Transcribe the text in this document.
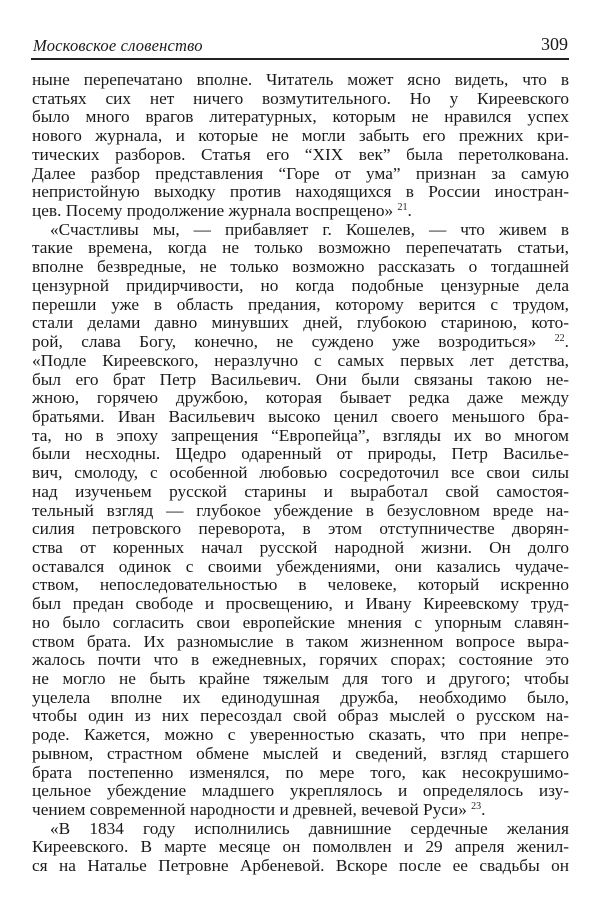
Московское словенство	309
ныне перепечатано вполне. Читатель может ясно видеть, что в
статьях сих нет ничего возмутительного. Но у Киреевского
было много врагов литературных, которым не нравился успех
нового журнала, и которые не могли забыть его прежних кри-
тических разборов. Статья его “XIX век” была перетолкована.
Далее разбор представления “Горе от ума” признан за самую
непристойную выходку против находящихся в России иностран-
цев. Посему продолжение журнала воспрещено» $^{21}$.
«Счастливы мы, — прибавляет г. Кошелев, — что живем в
такие времена, когда не только возможно перепечатать статьи,
вполне безвредные, не только возможно рассказать о тогдашней
цензурной придирчивости, но когда подобные цензурные дела
перешли уже в область предания, которому верится с трудом,
стали делами давно минувших дней, глубокою стариною, кото-
рой, слава Богу, конечно, не суждено уже возродиться» $^{22}$.
«Подле Киреевского, неразлучно с самых первых лет детства,
был его брат Петр Васильевич. Они были связаны такою не-
жною, горячею дружбою, которая бывает редка даже между
братьями. Иван Васильевич высоко ценил своего меньшого бра-
та, но в эпоху запрещения “Европейца”, взгляды их во многом
были несходны. Щедро одаренный от природы, Петр Василье-
вич, смолоду, с особенной любовью сосредоточил все свои силы
над изученьем русской старины и выработал свой самостоя-
тельный взгляд — глубокое убеждение в безусловном вреде на-
силия петровского переворота, в этом отступничестве дворян-
ства от коренных начал русской народной жизни. Он долго
оставался одинок с своими убеждениями, они казались чудаче-
ством, непоследовательностью в человеке, который искренно
был предан свободе и просвещению, и Ивану Киреевскому труд-
но было согласить свои европейские мнения с упорным славян-
ством брата. Их разномыслие в таком жизненном вопросе выра-
жалось почти что в ежедневных, горячих спорах; состояние это
не могло не быть крайне тяжелым для того и другого; чтобы
уцелела вполне их единодушная дружба, необходимо было,
чтобы один из них пересоздал свой образ мыслей о русском на-
роде. Кажется, можно с уверенностью сказать, что при непре-
рывном, страстном обмене мыслей и сведений, взгляд старшего
брата постепенно изменялся, по мере того, как несокрушимо-
цельное убеждение младшего укреплялось и определялось изу-
чением современной народности и древней, вечевой Руси» $^{23}$.
«В 1834 году исполнились давнишние сердечные желания
Киреевского. В марте месяце он помолвлен и 29 апреля женил-
ся на Наталье Петровне Арбеневой. Вскоре после ее свадьбы он
